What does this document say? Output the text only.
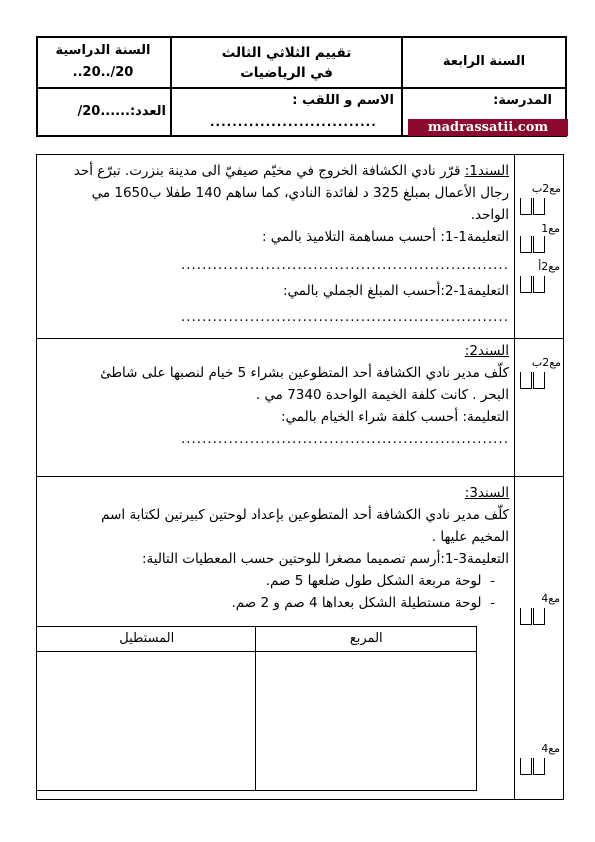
السنة الدراسية
..20../20
تقييم الثلاثي الثالث
في الرياضيات
السنة الرابعة
العدد:......20/
الاسم و اللقب :
..............................
المدرسة:
madrassatii.com

السند1: قرّر نادي الكشافة الخروج في مخيّم صيفيّ الى مدينة بنزرت. تبرّع أحد رجال الأعمال بمبلغ 325 د لفائدة النادي، كما ساهم 140 طفلا ب1650 مي الواحد.

التعليمة1-1: أحسب مساهمة التلاميذ بالمي :

..............................................................

التعليمة1-2:أحسب المبلغ الجملي بالمي:

..............................................................

مع2ب
مع1
مع2أ

السند2:

كلّف مدير نادي الكشافة أحد المتطوعين بشراء 5 خيام لنصبها على شاطئ البحر . كانت كلفة الخيمة الواحدة 7340 مي .

التعليمة: أحسب كلفة شراء الخيام بالمي:

..............................................................

مع2ب

السند3:

كلّف مدير نادي الكشافة أحد المتطوعين بإعداد لوحتين كبيرتين لكتابة اسم المخيم عليها .

التعليمة3-1:أرسم تصميما مصغرا للوحتين حسب المعطيات التالية:

-  لوحة مربعة الشكل طول ضلعها 5 صم.

-  لوحة مستطيلة الشكل بعداها 4 صم و 2 صم.	مع4
مع4
المربع
المستطيل
